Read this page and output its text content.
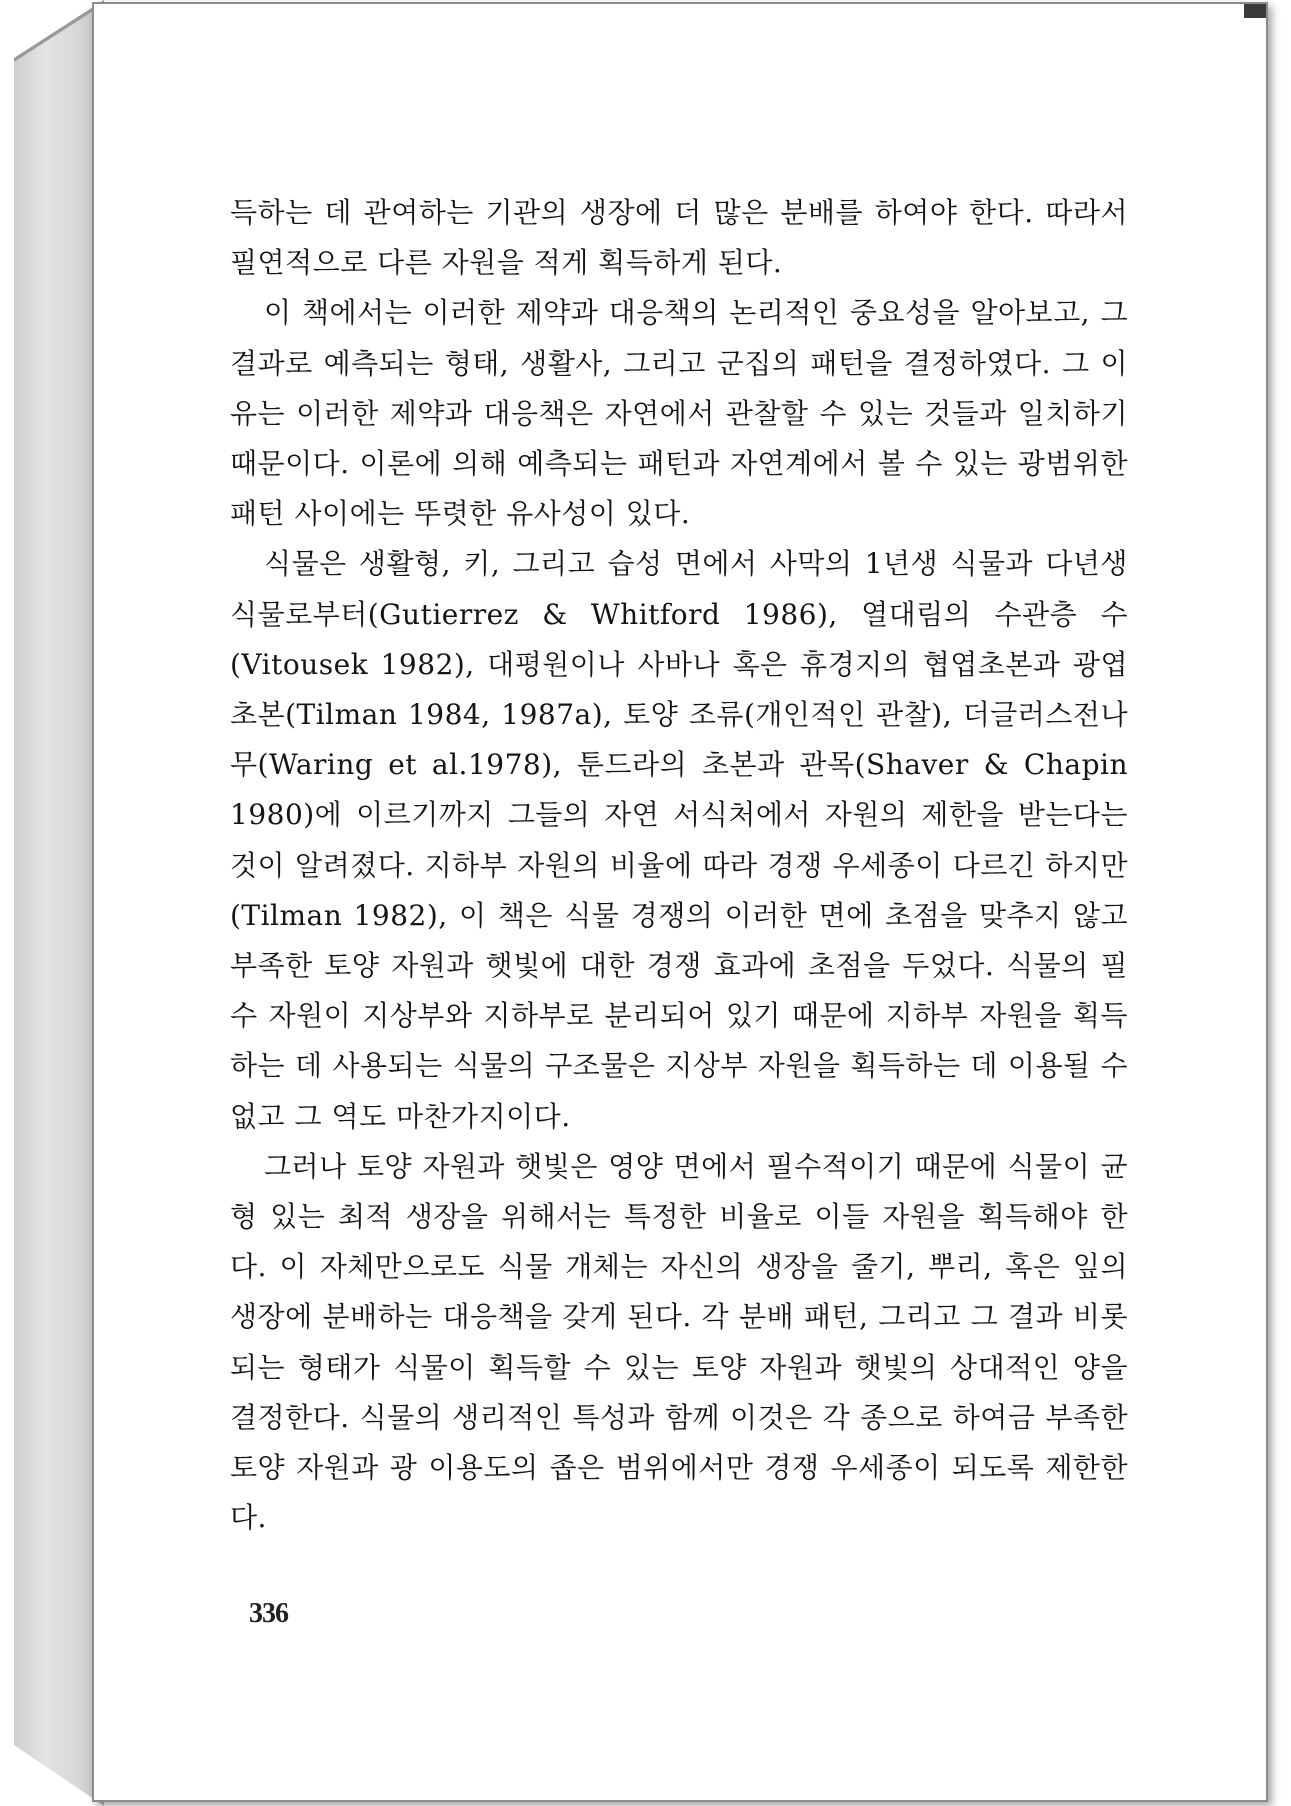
득하는 데 관여하는 기관의 생장에 더 많은 분배를 하여야 한다. 따라서 필연적으로 다른 자원을 적게 획득하게 된다.

이 책에서는 이러한 제약과 대응책의 논리적인 중요성을 알아보고, 그 결과로 예측되는 형태, 생활사, 그리고 군집의 패턴을 결정하였다. 그 이유는 이러한 제약과 대응책은 자연에서 관찰할 수 있는 것들과 일치하기 때문이다. 이론에 의해 예측되는 패턴과 자연계에서 볼 수 있는 광범위한 패턴 사이에는 뚜렷한 유사성이 있다.

식물은 생활형, 키, 그리고 습성 면에서 사막의 1년생 식물과 다년생 식물로부터(Gutierrez & Whitford 1986), 열대림의 수관층 수(Vitousek 1982), 대평원이나 사바나 혹은 휴경지의 협엽초본과 광엽초본(Tilman 1984, 1987a), 토양 조류(개인적인 관찰), 더글러스전나무(Waring et al.1978), 툰드라의 초본과 관목(Shaver & Chapin 1980)에 이르기까지 그들의 자연 서식처에서 자원의 제한을 받는다는 것이 알려졌다. 지하부 자원의 비율에 따라 경쟁 우세종이 다르긴 하지만(Tilman 1982), 이 책은 식물 경쟁의 이러한 면에 초점을 맞추지 않고 부족한 토양 자원과 햇빛에 대한 경쟁 효과에 초점을 두었다. 식물의 필수 자원이 지상부와 지하부로 분리되어 있기 때문에 지하부 자원을 획득하는 데 사용되는 식물의 구조물은 지상부 자원을 획득하는 데 이용될 수 없고 그 역도 마찬가지이다.

그러나 토양 자원과 햇빛은 영양 면에서 필수적이기 때문에 식물이 균형 있는 최적 생장을 위해서는 특정한 비율로 이들 자원을 획득해야 한다. 이 자체만으로도 식물 개체는 자신의 생장을 줄기, 뿌리, 혹은 잎의 생장에 분배하는 대응책을 갖게 된다. 각 분배 패턴, 그리고 그 결과 비롯되는 형태가 식물이 획득할 수 있는 토양 자원과 햇빛의 상대적인 양을 결정한다. 식물의 생리적인 특성과 함께 이것은 각 종으로 하여금 부족한 토양 자원과 광 이용도의 좁은 범위에서만 경쟁 우세종이 되도록 제한한다.

336
